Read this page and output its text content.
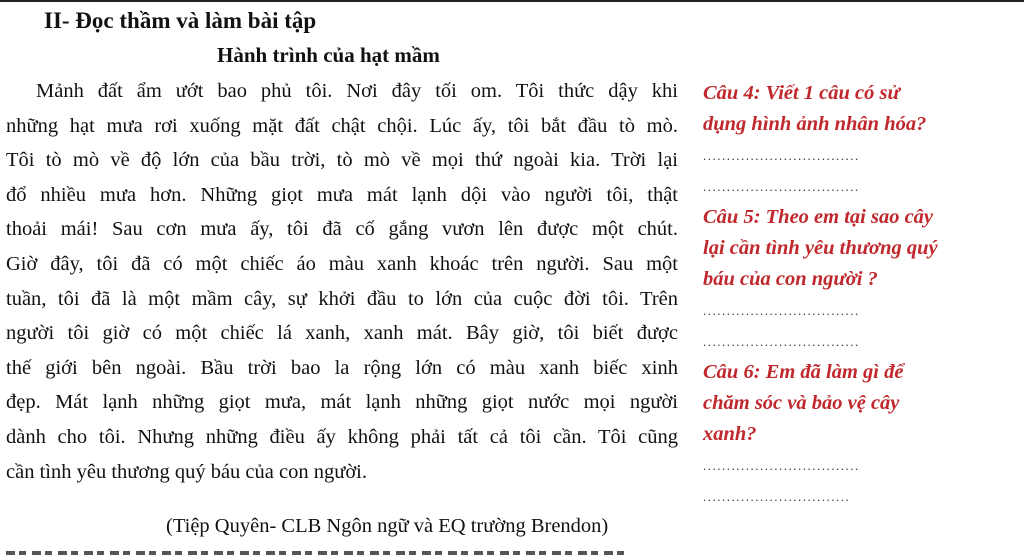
II- Đọc thầm và làm bài tập
Hành trình của hạt mầm
Mảnh đất ẩm ướt bao phủ tôi. Nơi đây tối om. Tôi thức dậy khi
những hạt mưa rơi xuống mặt đất chật chội. Lúc ấy, tôi bắt đầu tò mò.
Tôi tò mò về độ lớn của bầu trời, tò mò về mọi thứ ngoài kia. Trời lại
đổ nhiều mưa hơn. Những giọt mưa mát lạnh dội vào người tôi, thật
thoải mái! Sau cơn mưa ấy, tôi đã cố gắng vươn lên được một chút.
Giờ đây, tôi đã có một chiếc áo màu xanh khoác trên người. Sau một
tuần, tôi đã là một mầm cây, sự khởi đầu to lớn của cuộc đời tôi. Trên
người tôi giờ có một chiếc lá xanh, xanh mát. Bây giờ, tôi biết được
thế giới bên ngoài. Bầu trời bao la rộng lớn có màu xanh biếc xinh
đẹp. Mát lạnh những giọt mưa, mát lạnh những giọt nước mọi người
dành cho tôi. Nhưng những điều ấy không phải tất cả tôi cần. Tôi cũng
cần tình yêu thương quý báu của con người.
(Tiệp Quyên- CLB Ngôn ngữ và EQ trường Brendon)
Câu 4: Viết 1 câu có sử
dụng hình ảnh nhân hóa?
.................................
.................................
Câu 5: Theo em tại sao cây
lại cần tình yêu thương quý
báu của con người ?
.................................
.................................
Câu 6: Em đã làm gì để
chăm sóc và bảo vệ cây
xanh?
.................................
...............................
